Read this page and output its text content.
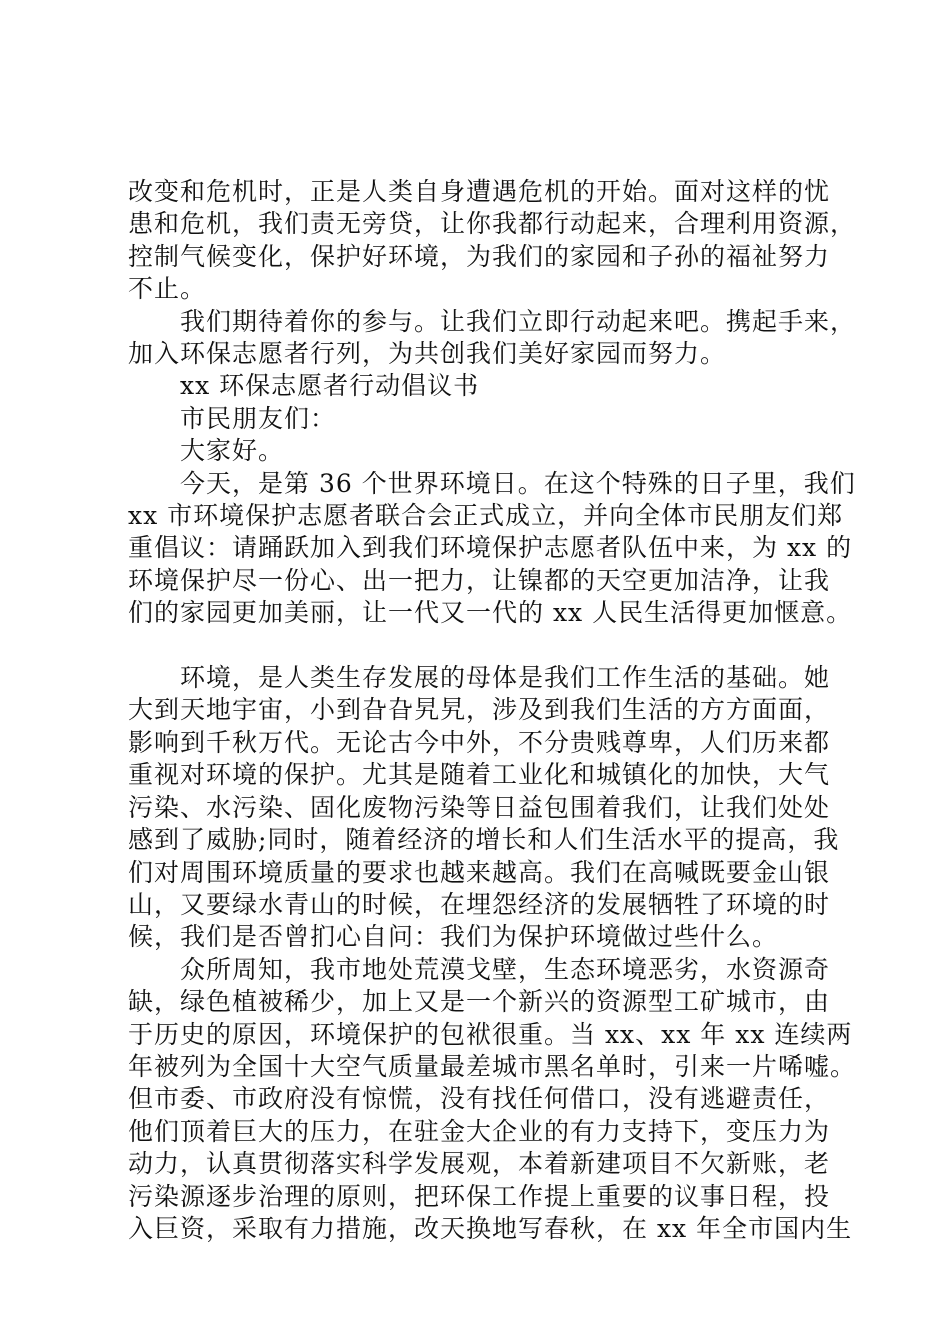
改变和危机时，正是人类自身遭遇危机的开始。面对这样的忧

患和危机，我们责无旁贷，让你我都行动起来，合理利用资源，

控制气候变化，保护好环境，为我们的家园和子孙的福祉努力

不止。

　　我们期待着你的参与。让我们立即行动起来吧。携起手来，

加入环保志愿者行列，为共创我们美好家园而努力。

　　xx 环保志愿者行动倡议书

　　市民朋友们：

　　大家好。

　　今天，是第 36 个世界环境日。在这个特殊的日子里，我们

xx 市环境保护志愿者联合会正式成立，并向全体市民朋友们郑

重倡议：请踊跃加入到我们环境保护志愿者队伍中来，为 xx 的

环境保护尽一份心、出一把力，让镍都的天空更加洁净，让我

们的家园更加美丽，让一代又一代的 xx 人民生活得更加惬意。

　　环境，是人类生存发展的母体是我们工作生活的基础。她

大到天地宇宙，小到旮旮旯旯，涉及到我们生活的方方面面，

影响到千秋万代。无论古今中外，不分贵贱尊卑，人们历来都

重视对环境的保护。尤其是随着工业化和城镇化的加快，大气

污染、水污染、固化废物污染等日益包围着我们，让我们处处

感到了威胁;同时，随着经济的增长和人们生活水平的提高，我

们对周围环境质量的要求也越来越高。我们在高喊既要金山银

山，又要绿水青山的时候，在埋怨经济的发展牺牲了环境的时

候，我们是否曾扪心自问：我们为保护环境做过些什么。

　　众所周知，我市地处荒漠戈壁，生态环境恶劣，水资源奇

缺，绿色植被稀少，加上又是一个新兴的资源型工矿城市，由

于历史的原因，环境保护的包袱很重。当 xx、xx 年 xx 连续两

年被列为全国十大空气质量最差城市黑名单时，引来一片唏嘘。

但市委、市政府没有惊慌，没有找任何借口，没有逃避责任，

他们顶着巨大的压力，在驻金大企业的有力支持下，变压力为

动力，认真贯彻落实科学发展观，本着新建项目不欠新账，老

污染源逐步治理的原则，把环保工作提上重要的议事日程，投

入巨资，采取有力措施，改天换地写春秋，在 xx 年全市国内生
